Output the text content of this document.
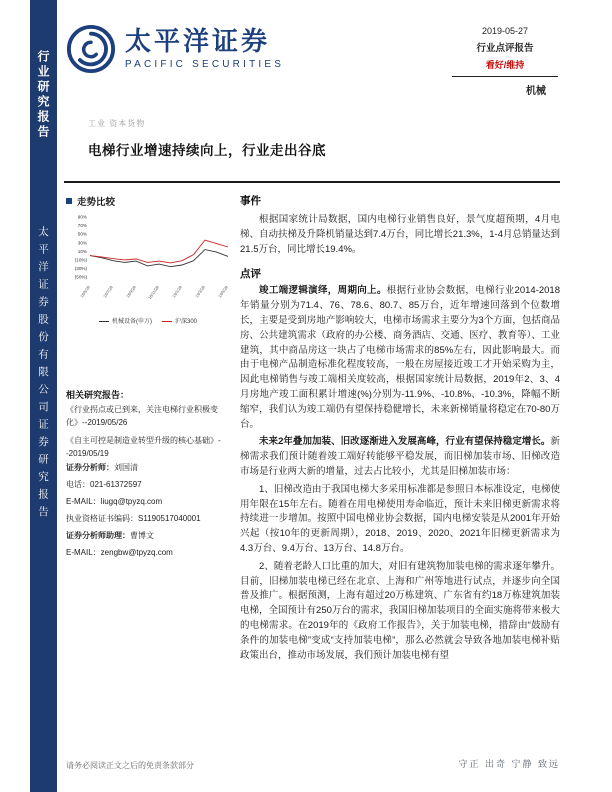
行业研究报告
太平洋证券股份有限公司证券研究报告
太平洋证券
PACIFIC SECURITIES
2019-05-27
行业点评报告
看好/维持
机械
工业 资本货物
电梯行业增速持续向上，行业走出谷底
走势比较
90%
70%
50%
30%
10%
(10%)
(30%)
(50%)
18/5/28	18/7/28	18/9/28	18/11/28	19/1/28	19/3/28	19/5/28
机械设备(申万)	沪深300
相关研究报告：
《行业拐点或已到来，关注电梯行业积极变化》--2019/05/26
《自主可控是制造业转型升级的核心基础》--2019/05/19
证券分析师：刘国清
电话：021-61372597
E-MAIL：liugq@tpyzq.com
执业资格证书编码：S1190517040001
证券分析师助理：曹博文
E-MAIL：zengbw@tpyzq.com
事件
根据国家统计局数据，国内电梯行业销售良好，景气度超预期，4月电梯、自动扶梯及升降机销量达到7.4万台，同比增长21.3%，1-4月总销量达到21.5万台，同比增长19.4%。
点评
竣工端逻辑演绎，周期向上。根据行业协会数据，电梯行业2014-2018年销量分别为71.4、76、78.6、80.7、85万台，近年增速回落到个位数增长，主要是受到房地产影响较大，电梯市场需求主要分为3个方面，包括商品房、公共建筑需求（政府的办公楼、商务酒店、交通、医疗、教育等）、工业建筑，其中商品房这一块占了电梯市场需求的85%左右，因此影响最大。而由于电梯产品制造标准化程度较高，一般在房屋接近竣工才开始采购为主，因此电梯销售与竣工端相关度较高，根据国家统计局数据，2019年2、3、4月房地产竣工面积累计增速(%)分别为-11.9%、-10.8%、-10.3%，降幅不断缩窄，我们认为竣工端仍有望保持稳健增长，未来新梯销量将稳定在70-80万台。
未来2年叠加加装、旧改逐渐进入发展高峰，行业有望保持稳定增长。新梯需求我们预计随着竣工端好转能够平稳发展，而旧梯加装市场、旧梯改造市场是行业两大新的增量，过去占比较小，尤其是旧梯加装市场：
1、旧梯改造由于我国电梯大多采用标准都是参照日本标准设定，电梯使用年限在15年左右。随着在用电梯使用寿命临近，预计未来旧梯更新需求将持续进一步增加。按照中国电梯业协会数据，国内电梯安装是从2001年开始兴起（按10年的更新周期），2018、2019、2020、2021年旧梯更新需求为4.3万台、9.4万台、13万台、14.8万台。
2、随着老龄人口比重的加大，对旧有建筑物加装电梯的需求逐年攀升。目前，旧梯加装电梯已经在北京、上海和广州等地进行试点，并逐步向全国普及推广。根据预测，上海有超过20万栋建筑、广东省有约18万栋建筑加装电梯，全国预计有250万台的需求，我国旧梯加装项目的全面实施将带来极大的电梯需求。在2019年的《政府工作报告》，关于加装电梯，措辞由“鼓励有条件的加装电梯”变成“支持加装电梯”，那么必然就会导致各地加装电梯补贴政策出台，推动市场发展，我们预计加装电梯有望
请务必阅读正文之后的免责条款部分	守正 出奇 宁静 致远
